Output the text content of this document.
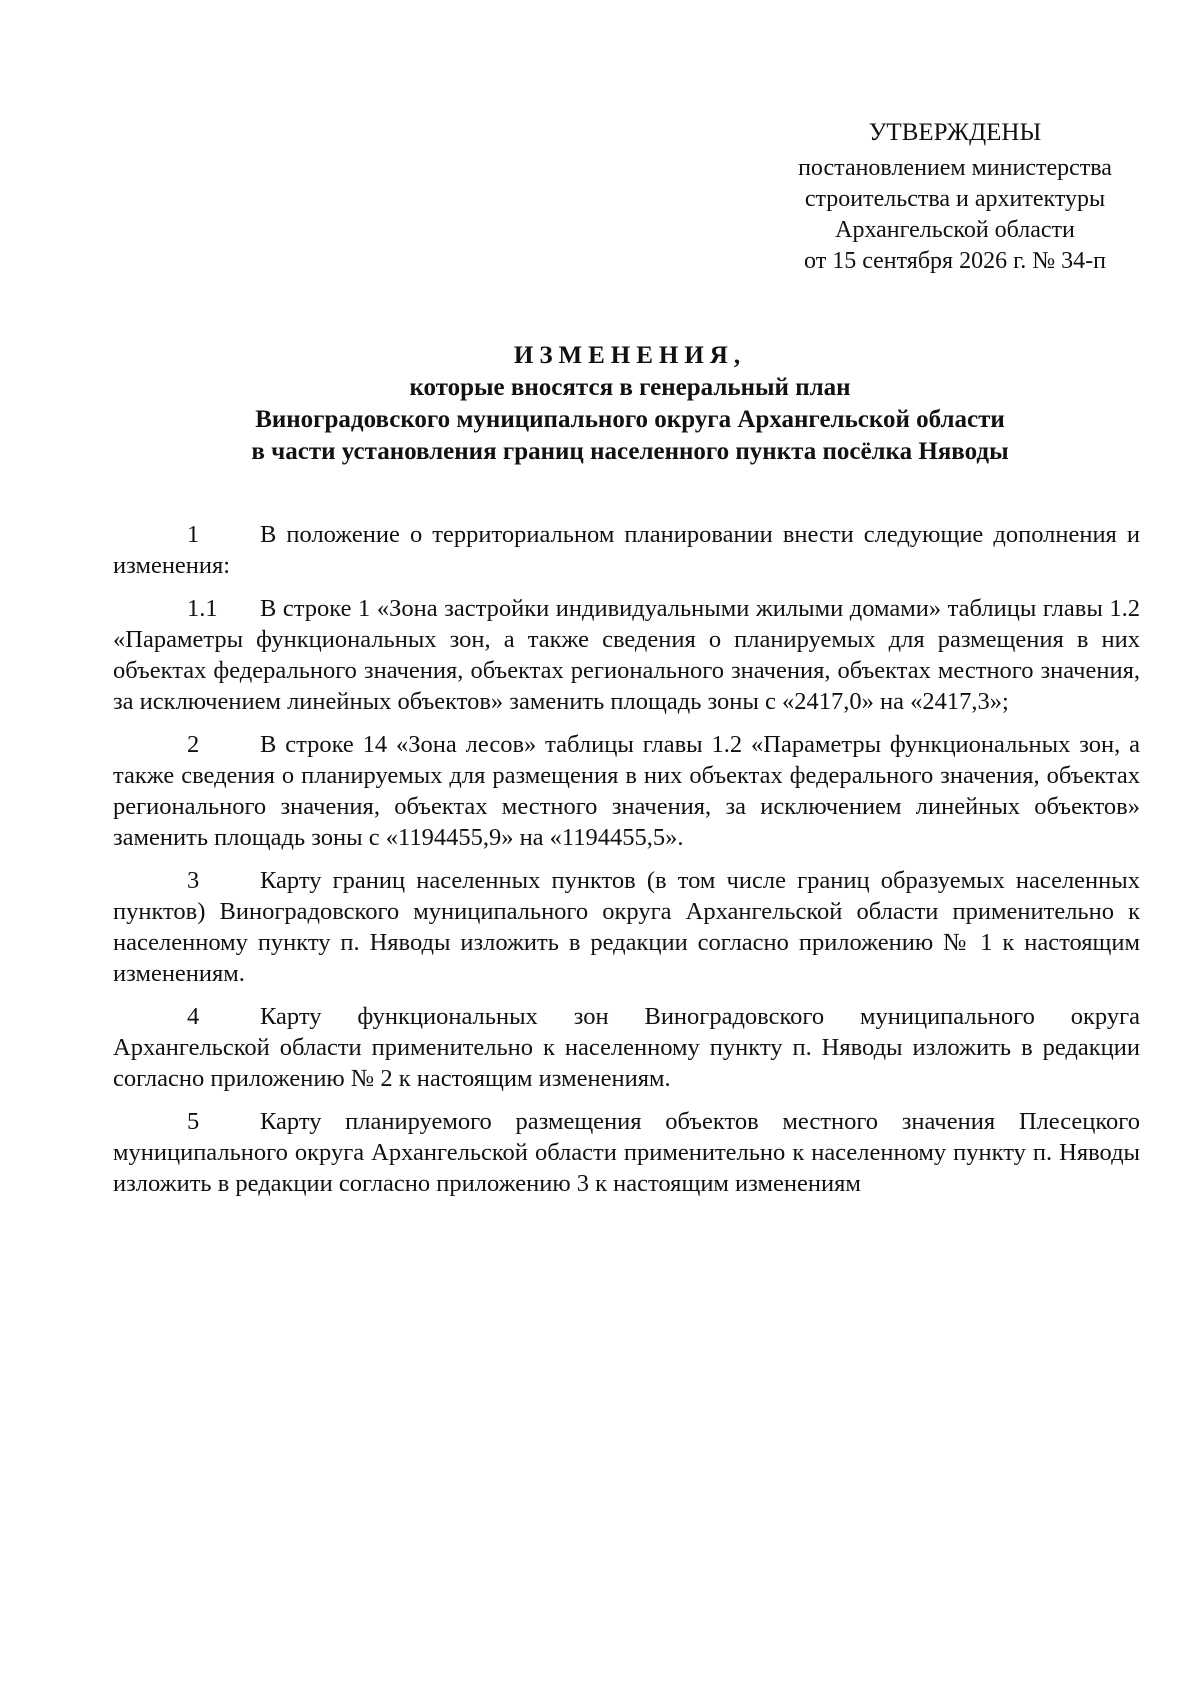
УТВЕРЖДЕНЫ
постановлением министерства
строительства и архитектуры
Архангельской области
от 15 сентября 2026 г. № 34-п
ИЗМЕНЕНИЯ,
которые вносятся в генеральный план
Виноградовского муниципального округа Архангельской области
в части установления границ населенного пункта посёлка Няводы

1 В положение о территориальном планировании внести следующие дополнения и изменения:

1.1 В строке 1 «Зона застройки индивидуальными жилыми домами» таблицы главы 1.2 «Параметры функциональных зон, а также сведения о планируемых для размещения в них объектах федерального значения, объектах регионального значения, объектах местного значения, за исключением линейных объектов» заменить площадь зоны с «2417,0» на «2417,3»;

2 В строке 14 «Зона лесов» таблицы главы 1.2 «Параметры функциональных зон, а также сведения о планируемых для размещения в них объектах федерального значения, объектах регионального значения, объектах местного значения, за исключением линейных объектов» заменить площадь зоны с «1194455,9» на «1194455,5».

3 Карту границ населенных пунктов (в том числе границ образуемых населенных пунктов) Виноградовского муниципального округа Архангельской области применительно к населенному пункту п. Няводы изложить в редакции согласно приложению № 1 к настоящим изменениям.

4 Карту функциональных зон Виноградовского муниципального округа Архангельской области применительно к населенному пункту п. Няводы изложить в редакции согласно приложению № 2 к настоящим изменениям.

5 Карту планируемого размещения объектов местного значения Плесецкого муниципального округа Архангельской области применительно к населенному пункту п. Няводы изложить в редакции согласно приложению 3 к настоящим изменениям
